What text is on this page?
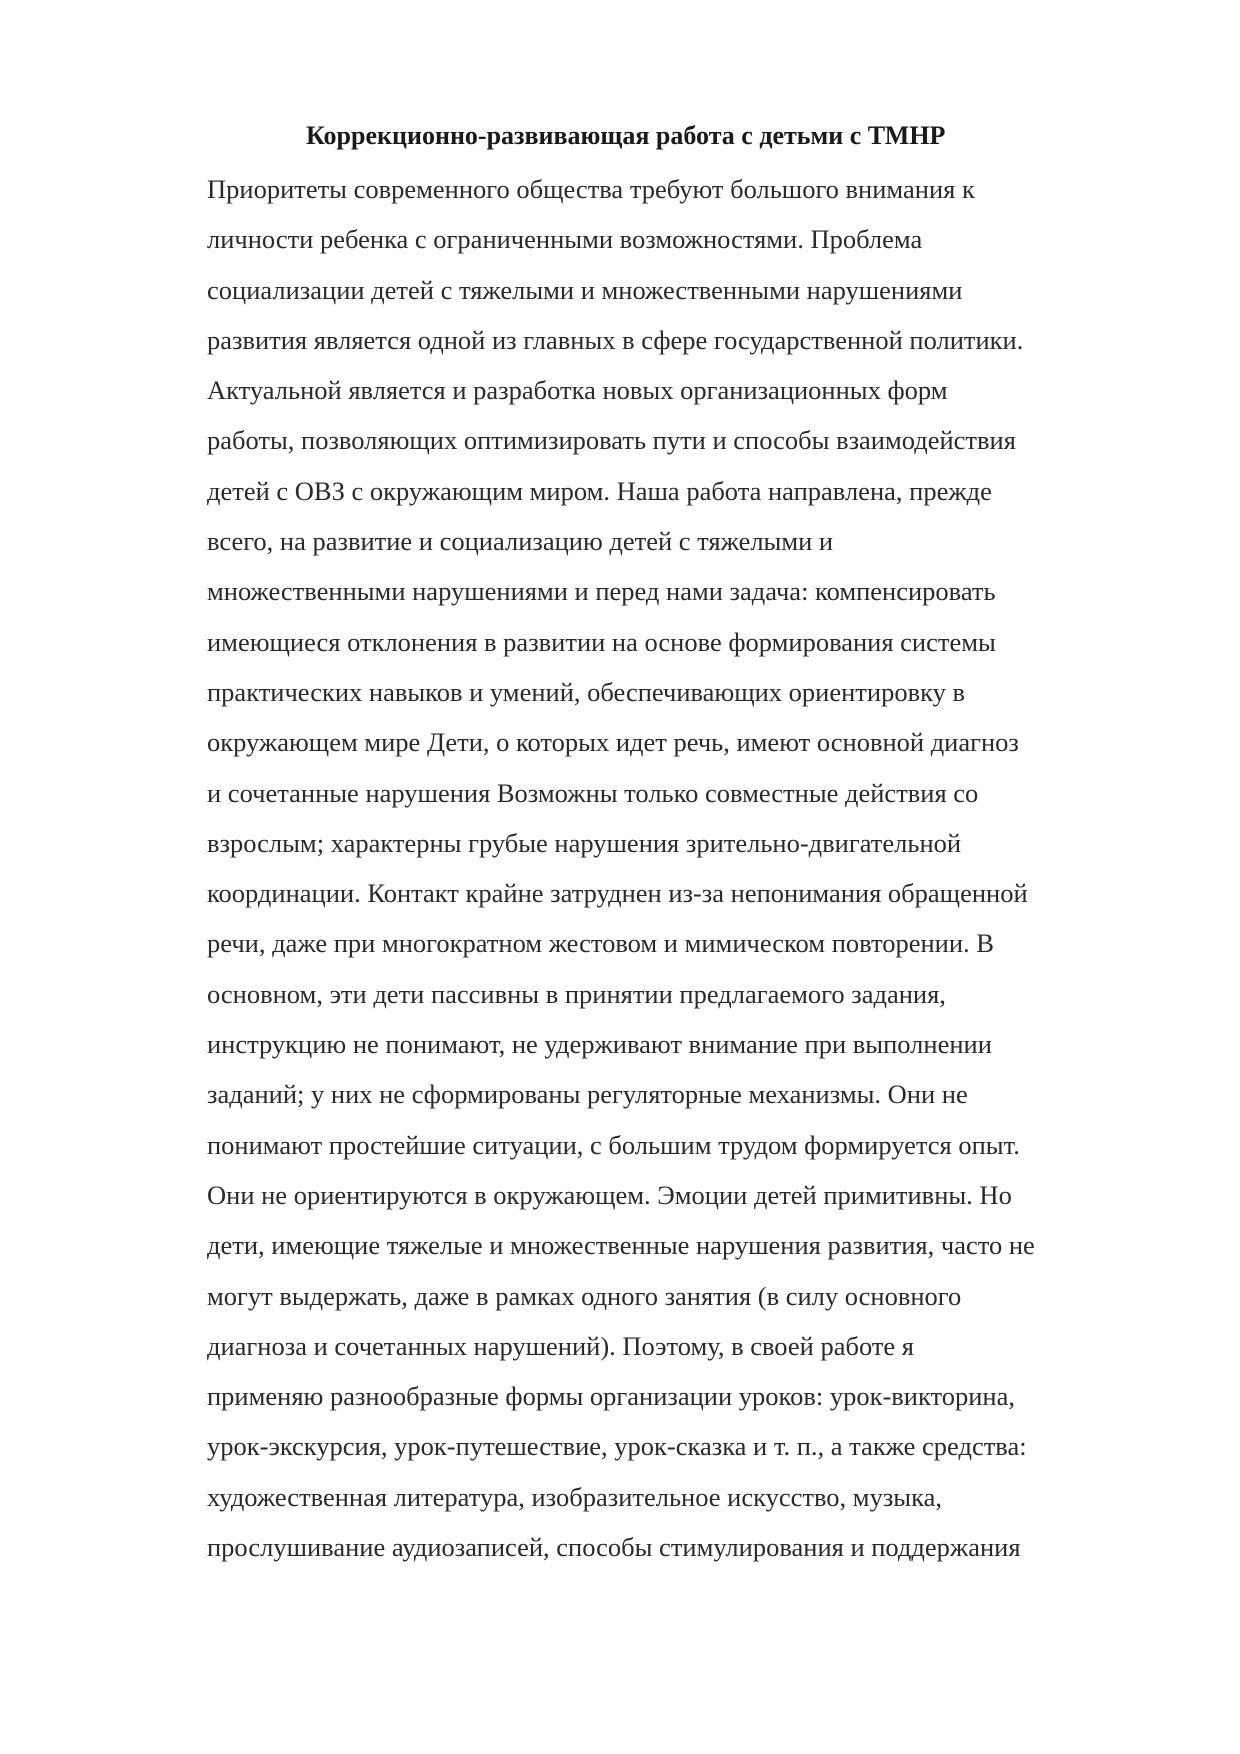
Коррекционно-развивающая работа с детьми с ТМНР
Приоритеты современного общества требуют большого внимания к
личности ребенка с ограниченными возможностями. Проблема
социализации детей с тяжелыми и множественными нарушениями
развития является одной из главных в сфере государственной политики.
Актуальной является и разработка новых организационных форм
работы, позволяющих оптимизировать пути и способы взаимодействия
детей с ОВЗ с окружающим миром. Наша работа направлена, прежде
всего, на развитие и социализацию детей с тяжелыми и
множественными нарушениями и перед нами задача: компенсировать
имеющиеся отклонения в развитии на основе формирования системы
практических навыков и умений, обеспечивающих ориентировку в
окружающем мире Дети, о которых идет речь, имеют основной диагноз
и сочетанные нарушения Возможны только совместные действия со
взрослым; характерны грубые нарушения зрительно-двигательной
координации. Контакт крайне затруднен из-за непонимания обращенной
речи, даже при многократном жестовом и мимическом повторении. В
основном, эти дети пассивны в принятии предлагаемого задания,
инструкцию не понимают, не удерживают внимание при выполнении
заданий; у них не сформированы регуляторные механизмы. Они не
понимают простейшие ситуации, с большим трудом формируется опыт.
Они не ориентируются в окружающем. Эмоции детей примитивны. Но
дети, имеющие тяжелые и множественные нарушения развития, часто не
могут выдержать, даже в рамках одного занятия (в силу основного
диагноза и сочетанных нарушений). Поэтому, в своей работе я
применяю разнообразные формы организации уроков: урок-викторина,
урок-экскурсия, урок-путешествие, урок-сказка и т. п., а также средства:
художественная литература, изобразительное искусство, музыка,
прослушивание аудиозаписей, способы стимулирования и поддержания
